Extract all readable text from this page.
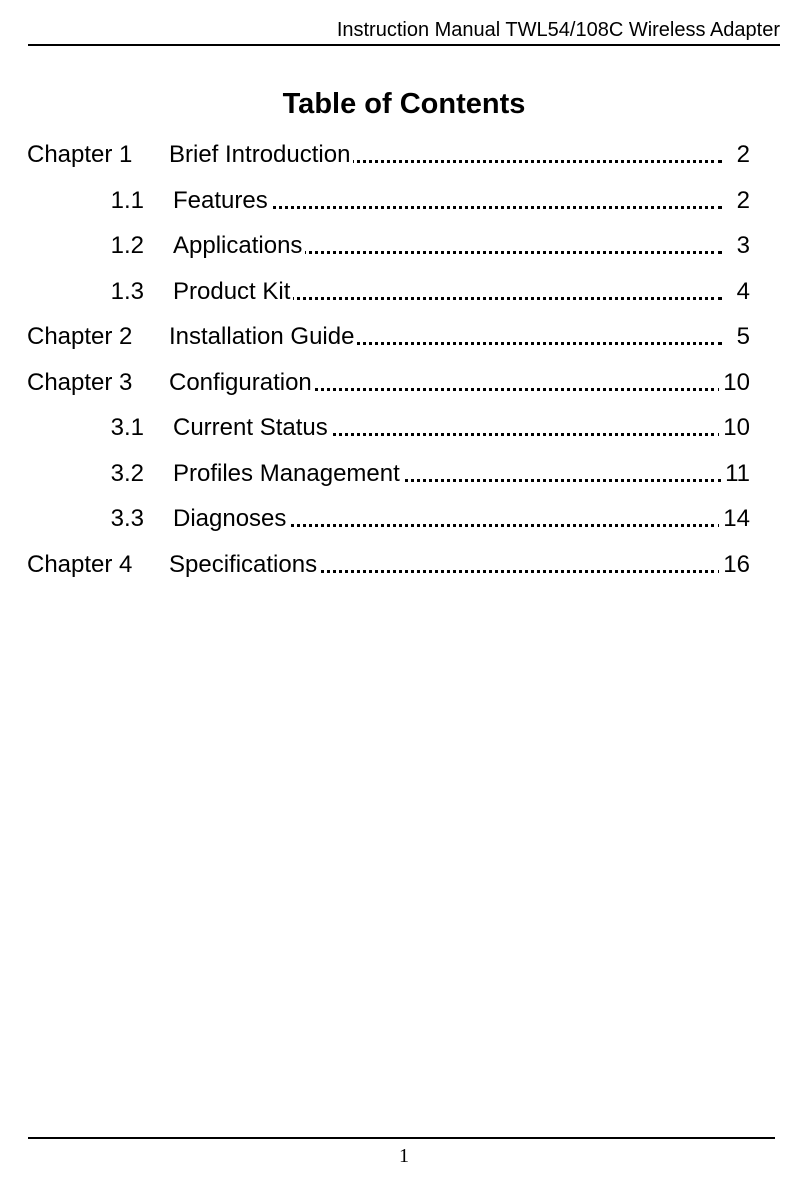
Instruction Manual TWL54/108C Wireless Adapter
Table of Contents
Chapter 1 Brief Introduction	2
1.1 Features	2
1.2 Applications	3
1.3 Product Kit	4
Chapter 2 Installation Guide	5
Chapter 3 Configuration	10
3.1 Current Status	10
3.2 Profiles Management	11
3.3 Diagnoses	14
Chapter 4 Specifications	16
1
